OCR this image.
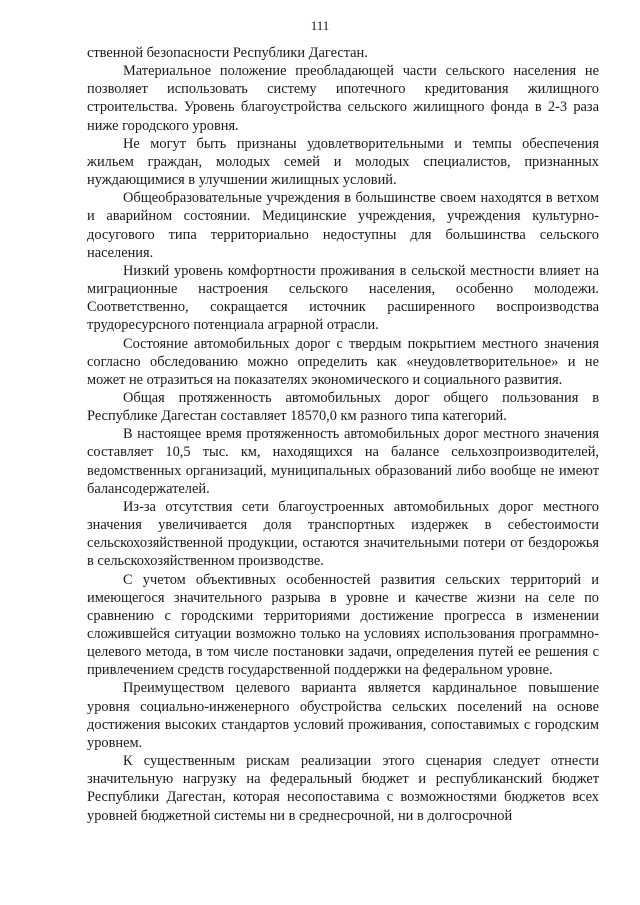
111

ственной безопасности Республики Дагестан.

Материальное положение преобладающей части сельского населения не позволяет использовать систему ипотечного кредитования жилищного строительства. Уровень благоустройства сельского жилищного фонда в 2-3 раза ниже городского уровня.

Не могут быть признаны удовлетворительными и темпы обеспечения жильем граждан, молодых семей и молодых специалистов, признанных нуждающимися в улучшении жилищных условий.

Общеобразовательные учреждения в большинстве своем находятся в ветхом и аварийном состоянии. Медицинские учреждения, учреждения культурно-досугового типа территориально недоступны для большинства сельского населения.

Низкий уровень комфортности проживания в сельской местности влияет на миграционные настроения сельского населения, особенно молодежи. Соответственно, сокращается источник расширенного воспроизводства трудоресурсного потенциала аграрной отрасли.

Состояние автомобильных дорог с твердым покрытием местного значения согласно обследованию можно определить как «неудовлетворительное» и не может не отразиться на показателях экономического и социального развития.

Общая протяженность автомобильных дорог общего пользования в Республике Дагестан составляет 18570,0 км разного типа категорий.

В настоящее время протяженность автомобильных дорог местного значения составляет 10,5 тыс. км, находящихся на балансе сельхозпроизводителей, ведомственных организаций, муниципальных образований либо вообще не имеют балансодержателей.

Из-за отсутствия сети благоустроенных автомобильных дорог местного значения увеличивается доля транспортных издержек в себестоимости сельскохозяйственной продукции, остаются значительными потери от бездорожья в сельскохозяйственном производстве.

С учетом объективных особенностей развития сельских территорий и имеющегося значительного разрыва в уровне и качестве жизни на селе по сравнению с городскими территориями достижение прогресса в изменении сложившейся ситуации возможно только на условиях использования программно-целевого метода, в том числе постановки задачи, определения путей ее решения с привлечением средств государственной поддержки на федеральном уровне.

Преимуществом целевого варианта является кардинальное повышение уровня социально-инженерного обустройства сельских поселений на основе достижения высоких стандартов условий проживания, сопоставимых с городским уровнем.

К существенным рискам реализации этого сценария следует отнести значительную нагрузку на федеральный бюджет и республиканский бюджет Республики Дагестан, которая несопоставима с возможностями бюджетов всех уровней бюджетной системы ни в среднесрочной, ни в долгосрочной
